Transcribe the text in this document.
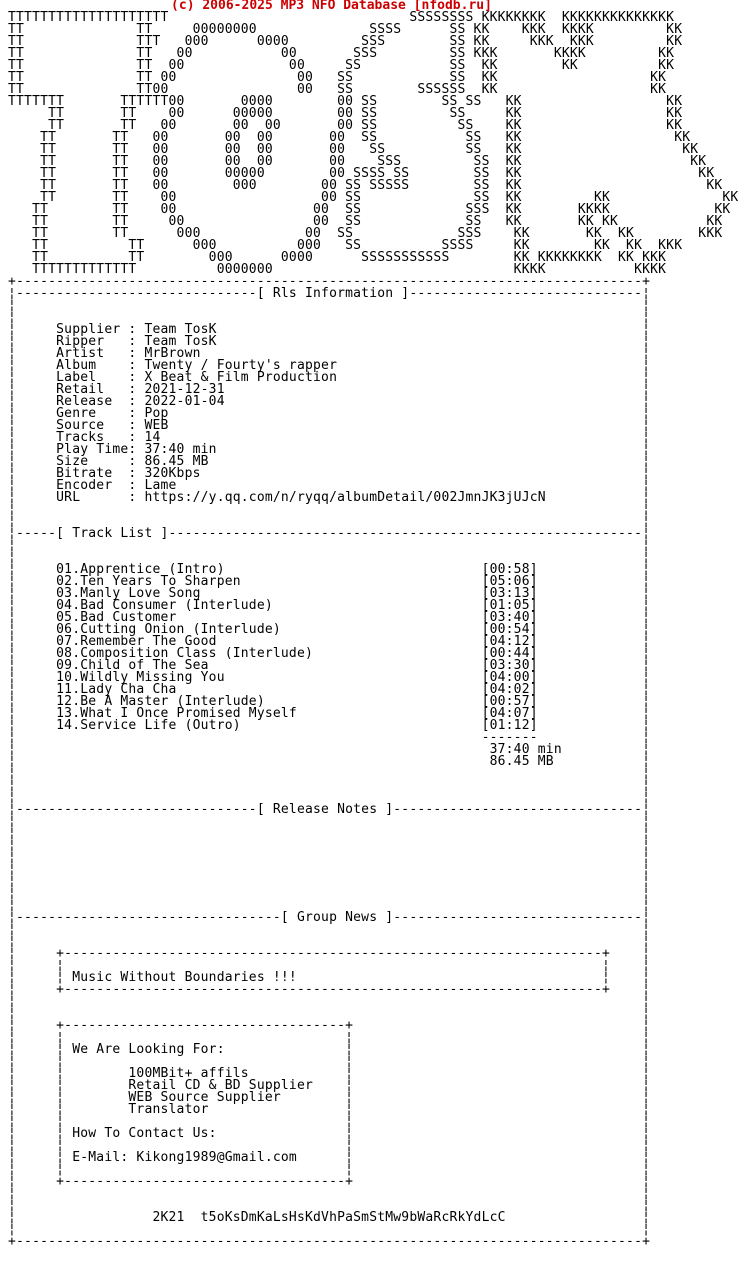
(c) 2006-2025 MP3 NFO Database [nfodb.ru]
TTTTTTTTTTTTTTTTTTTT                              SSSSSSSS KKKKKKKK  KKKKKKKKKKKKKK
TT              TT     00000000              SSSS      SS KK    KKK  KKKK         KK
TT              TTT   000      0000         SSS        SS KK     KKK  KKK         KK
TT              TT   00           00       SSS         SS KKK       KKKK         KK
TT              TT  00             00     SS           SS  KK        KK          KK
TT              TT 00               00   SS            SS  KK                   KK
TT              TT00                00   SS        SSSSSS  KK                   KK
TTTTTTT       TTTTTT00       0000        00 SS        SS SS   KK                  KK
TT       TT    00      00000        00 SS         SS     KK                  KK
TT       TT   00       00  00       00 SS          SS    KK                  KK
TT       TT   00       00  00       00  SS           SS   KK                   KK
TT       TT   00       00  00       00   SS          SS   KK                    KK
TT       TT   00       00  00       00    SSS         SS  KK                     KK
TT       TT   00       00000        00 SSSS SS        SS  KK                      KK
TT       TT   00        000        00 SS SSSSS        SS  KK                       KK
TT       TT    00                  00 SS              SS  KK         KK              KK
TT        TT    00                 00  SS             SSS  KK       KKKK             KK
TT        TT     00                00  SS             SS   KK       KK KK           KK
TT        TT      000             00  SS             SSS    KK       KK  KK        KKK
TT          TT      000          000   SS          SSSS     KK        KK  KK  KKK
TT          TT        000      0000      SSSSSSSSSSS        KK KKKKKKKK  KK KKK
TTTTTTTTTTTTT          0000000                              KKKK           KKKK
+------------------------------------------------------------------------------+
¦------------------------------[ Rls Information ]-----------------------------¦
¦                                                                              ¦
¦                                                                              ¦
¦     Supplier : Team TosK                                                     ¦
¦     Ripper   : Team TosK                                                     ¦
¦     Artist   : MrBrown                                                       ¦
¦     Album    : Twenty / Fourty's rapper                                      ¦
¦     Label    : X Beat & Film Production                                      ¦
¦     Retail   : 2021-12-31                                                    ¦
¦     Release  : 2022-01-04                                                    ¦
¦     Genre    : Pop                                                           ¦
¦     Source   : WEB                                                           ¦
¦     Tracks   : 14                                                            ¦
¦     Play Time: 37:40 min                                                     ¦
¦     Size     : 86.45 MB                                                      ¦
¦     Bitrate  : 320Kbps                                                       ¦
¦     Encoder  : Lame                                                          ¦
¦     URL      : https://y.qq.com/n/ryqq/albumDetail/002JmnJK3jUJcN            ¦
¦                                                                              ¦
¦                                                                              ¦
¦-----[ Track List ]-----------------------------------------------------------¦
¦                                                                              ¦
¦                                                                              ¦
¦     01.Apprentice (Intro)                                [00:58]             ¦
¦     02.Ten Years To Sharpen                              [05:06]             ¦
¦     03.Manly Love Song                                   [03:13]             ¦
¦     04.Bad Consumer (Interlude)                          [01:05]             ¦
¦     05.Bad Customer                                      [03:40]             ¦
¦     06.Cutting Onion (Interlude)                         [00:54]             ¦
¦     07.Remember The Good                                 [04:12]             ¦
¦     08.Composition Class (Interlude)                     [00:44]             ¦
¦     09.Child of The Sea                                  [03:30]             ¦
¦     10.Wildly Missing You                                [04:00]             ¦
¦     11.Lady Cha Cha                                      [04:02]             ¦
¦     12.Be A Master (Interlude)                           [00:57]             ¦
¦     13.What I Once Promised Myself                       [04:07]             ¦
¦     14.Service Life (Outro)                              [01:12]             ¦
¦                                                          -------             ¦
¦                                                           37:40 min          ¦
¦                                                           86.45 MB           ¦
¦                                                                              ¦
¦                                                                              ¦
¦                                                                              ¦
¦------------------------------[ Release Notes ]-------------------------------¦
¦                                                                              ¦
¦                                                                              ¦
¦                                                                              ¦
¦                                                                              ¦
¦                                                                              ¦
¦                                                                              ¦
¦                                                                              ¦
¦                                                                              ¦
¦---------------------------------[ Group News ]-------------------------------¦
¦                                                                              ¦
¦                                                                              ¦
¦     +-------------------------------------------------------------------+    ¦
¦     ¦                                                                   ¦    ¦
¦     ¦ Music Without Boundaries !!!                                      ¦    ¦
¦     +-------------------------------------------------------------------+    ¦
¦                                                                              ¦
¦                                                                              ¦
¦     +-----------------------------------+                                    ¦
¦     ¦                                   ¦                                    ¦
¦     ¦ We Are Looking For:               ¦                                    ¦
¦     ¦                                   ¦                                    ¦
¦     ¦        100MBit+ affils            ¦                                    ¦
¦     ¦        Retail CD & BD Supplier    ¦                                    ¦
¦     ¦        WEB Source Supplier        ¦                                    ¦
¦     ¦        Translator                 ¦                                    ¦
¦     ¦                                   ¦                                    ¦
¦     ¦ How To Contact Us:                ¦                                    ¦
¦     ¦                                   ¦                                    ¦
¦     ¦ E-Mail: Kikong1989@Gmail.com      ¦                                    ¦
¦     ¦                                   ¦                                    ¦
¦     +-----------------------------------+                                    ¦
¦                                                                              ¦
¦                                                                              ¦
¦                 2K21  t5oKsDmKaLsHsKdVhPaSmStMw9bWaRcRkYdLcC                 ¦
¦                                                                              ¦
+------------------------------------------------------------------------------+
